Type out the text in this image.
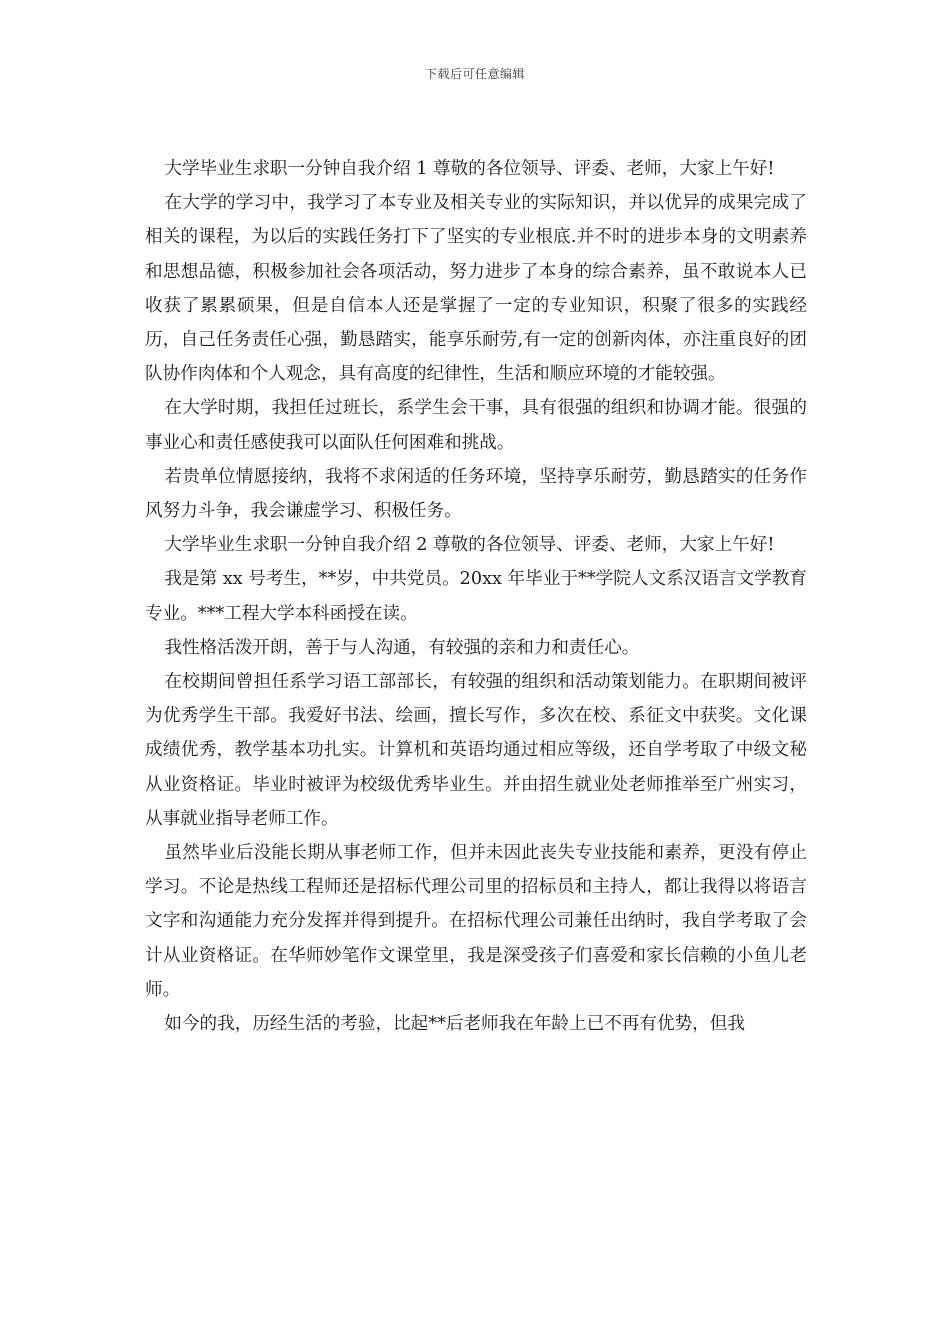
下载后可任意编辑

大学毕业生求职一分钟自我介绍 1 尊敬的各位领导、评委、老师，大家上午好!

在大学的学习中，我学习了本专业及相关专业的实际知识，并以优异的成果完成了相关的课程，为以后的实践任务打下了坚实的专业根底.并不时的进步本身的文明素养和思想品德，积极参加社会各项活动，努力进步了本身的综合素养，虽不敢说本人已收获了累累硕果，但是自信本人还是掌握了一定的专业知识，积聚了很多的实践经历，自己任务责任心强，勤恳踏实，能享乐耐劳,有一定的创新肉体，亦注重良好的团队协作肉体和个人观念，具有高度的纪律性，生活和顺应环境的才能较强。

在大学时期，我担任过班长，系学生会干事，具有很强的组织和协调才能。很强的事业心和责任感使我可以面队任何困难和挑战。

若贵单位情愿接纳，我将不求闲适的任务环境，坚持享乐耐劳，勤恳踏实的任务作风努力斗争，我会谦虚学习、积极任务。

大学毕业生求职一分钟自我介绍 2 尊敬的各位领导、评委、老师，大家上午好!

我是第 xx 号考生，**岁，中共党员。20xx 年毕业于**学院人文系汉语言文学教育专业。***工程大学本科函授在读。

我性格活泼开朗，善于与人沟通，有较强的亲和力和责任心。

在校期间曾担任系学习语工部部长，有较强的组织和活动策划能力。在职期间被评为优秀学生干部。我爱好书法、绘画，擅长写作，多次在校、系征文中获奖。文化课成绩优秀，教学基本功扎实。计算机和英语均通过相应等级，还自学考取了中级文秘从业资格证。毕业时被评为校级优秀毕业生。并由招生就业处老师推举至广州实习，从事就业指导老师工作。

虽然毕业后没能长期从事老师工作，但并未因此丧失专业技能和素养，更没有停止学习。不论是热线工程师还是招标代理公司里的招标员和主持人，都让我得以将语言文字和沟通能力充分发挥并得到提升。在招标代理公司兼任出纳时，我自学考取了会计从业资格证。在华师妙笔作文课堂里，我是深受孩子们喜爱和家长信赖的小鱼儿老师。

如今的我，历经生活的考验，比起**后老师我在年龄上已不再有优势，但我
